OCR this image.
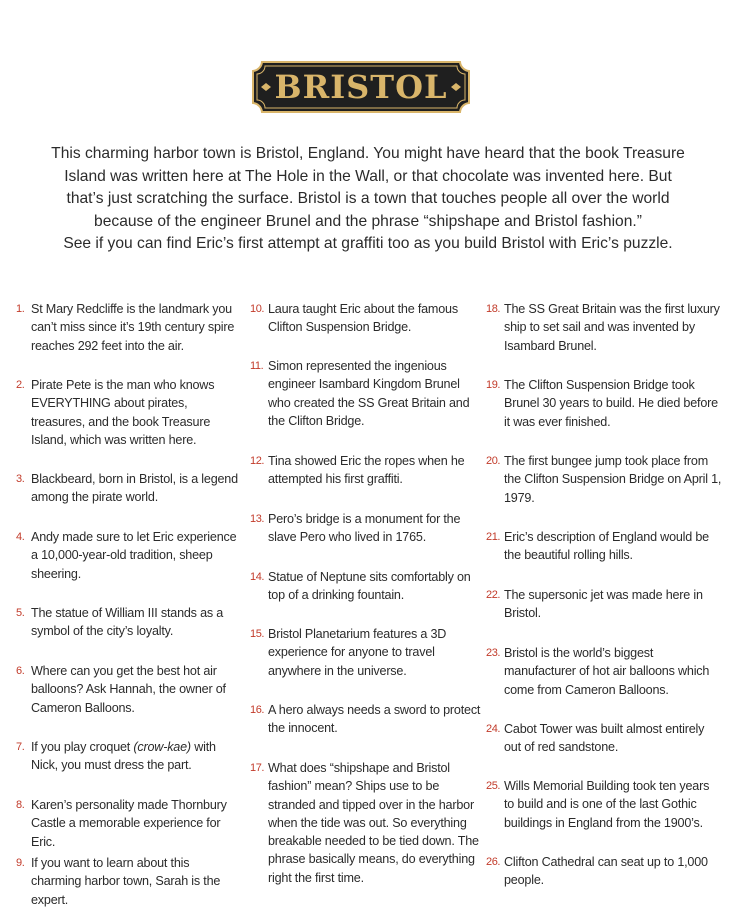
BRISTOL

This charming harbor town is Bristol, England. You might have heard that the book Treasure

Island was written here at The Hole in the Wall, or that chocolate was invented here. But

that’s just scratching the surface. Bristol is a town that touches people all over the world

because of the engineer Brunel and the phrase “shipshape and Bristol fashion.”

See if you can find Eric’s first attempt at graffiti too as you build Bristol with Eric’s puzzle.

1. St Mary Redcliffe is the landmark you can’t miss since it’s 19th century spire reaches 292 feet into the air.
2. Pirate Pete is the man who knows EVERYTHING about pirates, treasures, and the book Treasure Island, which was written here.
3. Blackbeard, born in Bristol, is a legend among the pirate world.
4. Andy made sure to let Eric experience a 10,000-year-old tradition, sheep sheering.
5. The statue of William III stands as a symbol of the city’s loyalty.
6. Where can you get the best hot air balloons? Ask Hannah, the owner of Cameron Balloons.
7. If you play croquet (crow-kae) with Nick, you must dress the part.
8. Karen’s personality made Thornbury Castle a memorable experience for Eric.
9. If you want to learn about this charming harbor town, Sarah is the expert.
10. Laura taught Eric about the famous Clifton Suspension Bridge.
11. Simon represented the ingenious engineer Isambard Kingdom Brunel who created the SS Great Britain and the Clifton Bridge.
12. Tina showed Eric the ropes when he attempted his first graffiti.
13. Pero’s bridge is a monument for the slave Pero who lived in 1765.
14. Statue of Neptune sits comfortably on top of a drinking fountain.
15. Bristol Planetarium features a 3D experience for anyone to travel anywhere in the universe.
16. A hero always needs a sword to protect the innocent.
17. What does “shipshape and Bristol fashion” mean? Ships use to be stranded and tipped over in the harbor when the tide was out. So everything breakable needed to be tied down. The phrase basically means, do everything right the first time.
18. The SS Great Britain was the first luxury ship to set sail and was invented by Isambard Brunel.
19. The Clifton Suspension Bridge took Brunel 30 years to build. He died before it was ever finished.
20. The first bungee jump took place from the Clifton Suspension Bridge on April 1, 1979.
21. Eric’s description of England would be the beautiful rolling hills.
22. The supersonic jet was made here in Bristol.
23. Bristol is the world’s biggest manufacturer of hot air balloons which come from Cameron Balloons.
24. Cabot Tower was built almost entirely out of red sandstone.
25. Wills Memorial Building took ten years to build and is one of the last Gothic buildings in England from the 1900’s.
26. Clifton Cathedral can seat up to 1,000 people.
